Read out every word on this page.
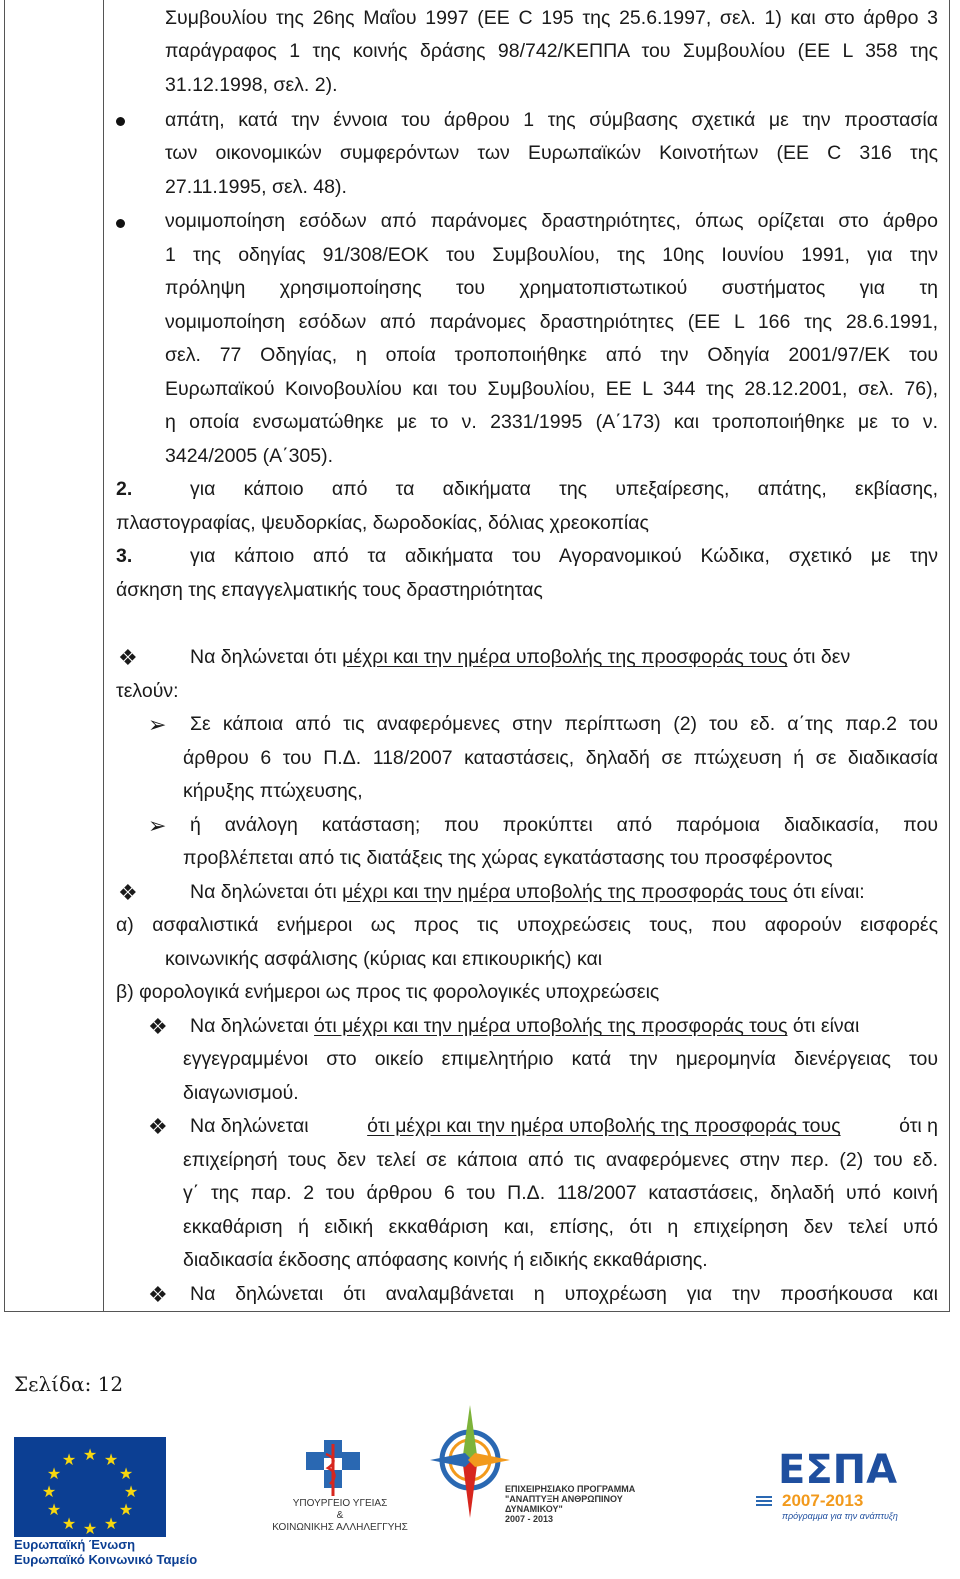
Συμβουλίου της 26ης Μαΐου 1997 (ΕΕ C 195 της 25.6.1997, σελ. 1) και στο άρθρο 3
παράγραφος 1 της κοινής δράσης 98/742/ΚΕΠΠΑ του Συμβουλίου (ΕΕ L 358 της
31.12.1998, σελ. 2).
απάτη, κατά την έννοια του άρθρου 1 της σύμβασης σχετικά με την προστασία
των οικονομικών συμφερόντων των Ευρωπαϊκών Κοινοτήτων (ΕΕ C 316 της
27.11.1995, σελ. 48).
νομιμοποίηση εσόδων από παράνομες δραστηριότητες, όπως ορίζεται στο άρθρο
1 της οδηγίας 91/308/ΕΟΚ του Συμβουλίου, της 10ης Ιουνίου 1991, για την
πρόληψη χρησιμοποίησης του χρηματοπιστωτικού συστήματος για τη
νομιμοποίηση εσόδων από παράνομες δραστηριότητες (ΕΕ L 166 της 28.6.1991,
σελ. 77 Οδηγίας, η οποία τροποποιήθηκε από την Οδηγία 2001/97/ΕΚ του
Ευρωπαϊκού Κοινοβουλίου και του Συμβουλίου, ΕΕ L 344 της 28.12.2001, σελ. 76),
η οποία ενσωματώθηκε με το ν. 2331/1995 (Α΄173) και τροποποιήθηκε με το ν.
3424/2005 (Α΄305).
2.	για κάποιο από τα αδικήματα της υπεξαίρεσης, απάτης, εκβίασης,
πλαστογραφίας, ψευδορκίας, δωροδοκίας, δόλιας χρεοκοπίας
3.	για κάποιο από τα αδικήματα του Αγορανομικού Κώδικα, σχετικό με την
άσκηση της επαγγελματικής τους δραστηριότητας
❖	Να δηλώνεται ότι μέχρι και την ημέρα υποβολής της προσφοράς τους ότι δεν
τελούν:
➢ Σε κάποια από τις αναφερόμενες στην περίπτωση (2) του εδ. α΄της παρ.2 του
άρθρου 6 του Π.Δ. 118/2007 καταστάσεις, δηλαδή σε πτώχευση ή σε διαδικασία
κήρυξης πτώχευσης,
➢ ή ανάλογη κατάσταση; που προκύπτει από παρόμοια διαδικασία, που
προβλέπεται από τις διατάξεις της χώρας εγκατάστασης του προσφέροντος
❖	Να δηλώνεται ότι μέχρι και την ημέρα υποβολής της προσφοράς τους ότι είναι:
α) ασφαλιστικά ενήμεροι ως προς τις υποχρεώσεις τους, που αφορούν εισφορές
κοινωνικής ασφάλισης (κύριας και επικουρικής) και
β) φορολογικά ενήμεροι ως προς τις φορολογικές υποχρεώσεις
❖ Να δηλώνεται ότι μέχρι και την ημέρα υποβολής της προσφοράς τους ότι είναι
εγγεγραμμένοι στο οικείο επιμελητήριο κατά την ημερομηνία διενέργειας του
διαγωνισμού.
❖ Να δηλώνεται	ότι μέχρι και την ημέρα υποβολής της προσφοράς τους	ότι η
επιχείρησή τους δεν τελεί σε κάποια από τις αναφερόμενες στην περ. (2) του εδ.
γ΄ της παρ. 2 του άρθρου 6 του Π.Δ. 118/2007 καταστάσεις, δηλαδή υπό κοινή
εκκαθάριση ή ειδική εκκαθάριση και, επίσης, ότι η επιχείρηση δεν τελεί υπό
διαδικασία έκδοσης απόφασης κοινής ή ειδικής εκκαθάρισης.
❖ Να δηλώνεται ότι αναλαμβάνεται η υποχρέωση για την προσήκουσα και
Σελίδα: 12
★ ★
★
★
★
★
★
★
★
★
★
★
Ευρωπαϊκή Ένωση
Ευρωπαϊκό Κοινωνικό Ταμείο
ΥΠΟΥΡΓΕΙΟ ΥΓΕΙΑΣ
&
ΚΟΙΝΩΝΙΚΗΣ ΑΛΛΗΛΕΓΓΥΗΣ
ΕΠΙΧΕΙΡΗΣΙΑΚΟ ΠΡΟΓΡΑΜΜΑ
"ΑΝΑΠΤΥΞΗ ΑΝΘΡΩΠΙΝΟΥ ΔΥΝΑΜΙΚΟΥ"
2007 - 2013
ΕΣΠΑ
2007-2013
πρόγραμμα για την ανάπτυξη
